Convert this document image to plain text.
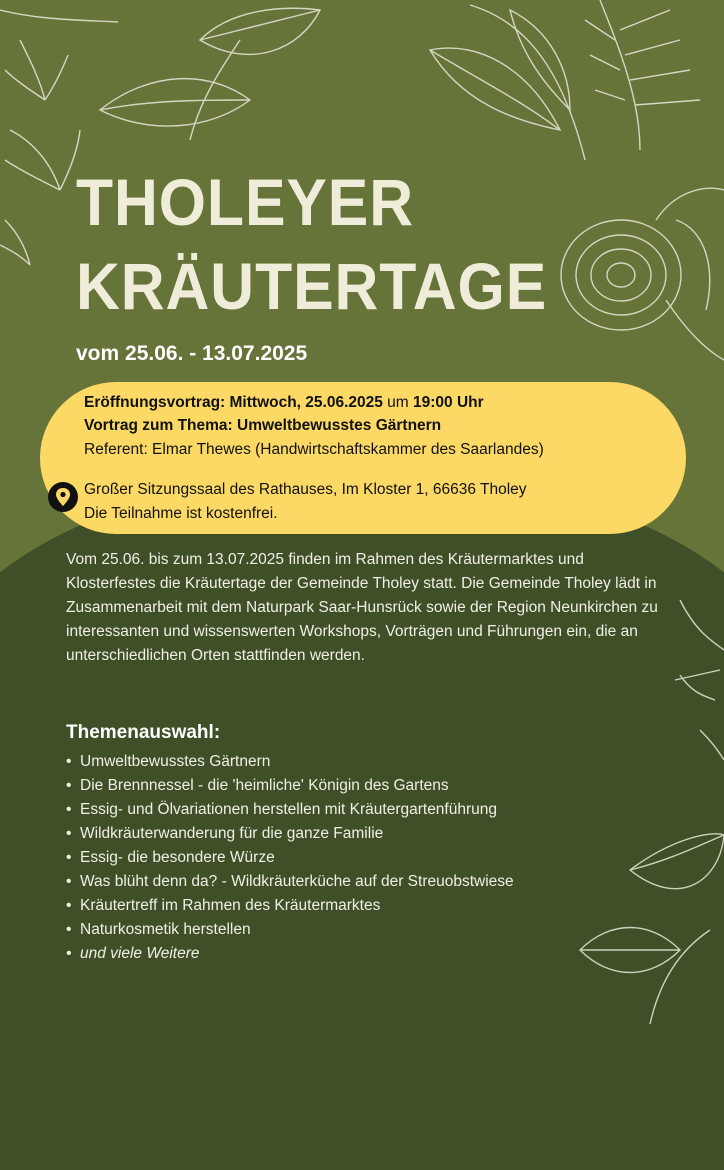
THOLEYER
KRÄUTERTAGE
vom 25.06. - 13.07.2025
Eröffnungsvortrag: Mittwoch, 25.06.2025 um 19:00 Uhr
Vortrag zum Thema: Umweltbewusstes Gärtnern
Referent: Elmar Thewes (Handwirtschaftskammer des Saarlandes)
Großer Sitzungssaal des Rathauses, Im Kloster 1, 66636 Tholey
Die Teilnahme ist kostenfrei.

Vom 25.06. bis zum 13.07.2025 finden im Rahmen des Kräutermarktes und Klosterfestes die Kräutertage der Gemeinde Tholey statt. Die Gemeinde Tholey lädt in Zusammenarbeit mit dem Naturpark Saar-Hunsrück sowie der Region Neunkirchen zu interessanten und wissenswerten Workshops, Vorträgen und Führungen ein, die an unterschiedlichen Orten stattfinden werden.

Themenauswahl:
• Umweltbewusstes Gärtnern
• Die Brennnessel - die 'heimliche' Königin des Gartens
• Essig- und Ölvariationen herstellen mit Kräutergartenführung
• Wildkräuterwanderung für die ganze Familie
• Essig- die besondere Würze
• Was blüht denn da? - Wildkräuterküche auf der Streuobstwiese
• Kräutertreff im Rahmen des Kräutermarktes
• Naturkosmetik herstellen
• und viele Weitere
